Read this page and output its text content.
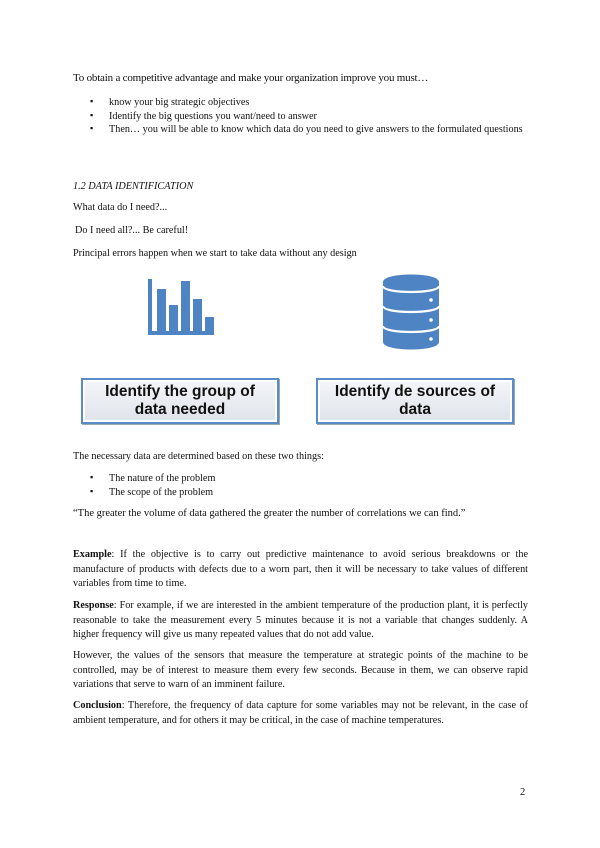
To obtain a competitive advantage and make your organization improve you must…
▪ know your big strategic objectives
▪ Identify the big questions you want/need to answer
▪ Then… you will be able to know which data do you need to give answers to the formulated questions
1.2 DATA IDENTIFICATION
What data do I need?...
Do I need all?... Be careful!
Principal errors happen when we start to take data without any design
Identify the group of data needed
Identify de sources of data
The necessary data are determined based on these two things:
▪ The nature of the problem
▪ The scope of the problem
“The greater the volume of data gathered the greater the number of correlations we can find.”

Example: If the objective is to carry out predictive maintenance to avoid serious breakdowns or the manufacture of products with defects due to a worn part, then it will be necessary to take values of different variables from time to time.

Response: For example, if we are interested in the ambient temperature of the production plant, it is perfectly reasonable to take the measurement every 5 minutes because it is not a variable that changes suddenly. A higher frequency will give us many repeated values that do not add value.

However, the values of the sensors that measure the temperature at strategic points of the machine to be controlled, may be of interest to measure them every few seconds. Because in them, we can observe rapid variations that serve to warn of an imminent failure.

Conclusion: Therefore, the frequency of data capture for some variables may not be relevant, in the case of ambient temperature, and for others it may be critical, in the case of machine temperatures.

2
